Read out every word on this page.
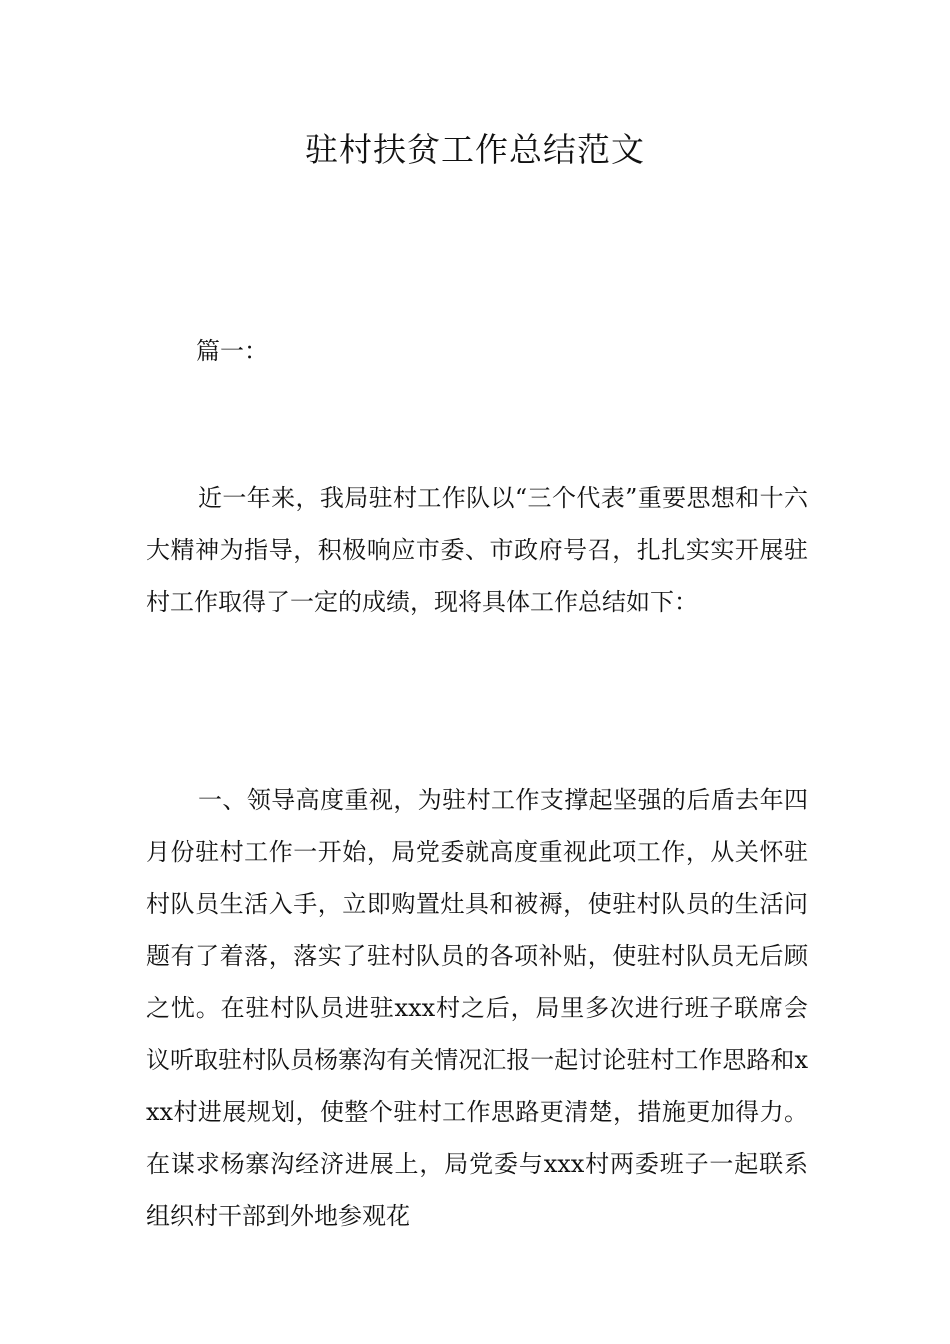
驻村扶贫工作总结范文

篇一：

近一年来，我局驻村工作队以“三个代表”重要思想和十六大精神为指导，积极响应市委、市政府号召，扎扎实实开展驻村工作取得了一定的成绩，现将具体工作总结如下：

一、领导高度重视，为驻村工作支撑起坚强的后盾去年四月份驻村工作一开始，局党委就高度重视此项工作，从关怀驻村队员生活入手，立即购置灶具和被褥，使驻村队员的生活问题有了着落，落实了驻村队员的各项补贴，使驻村队员无后顾之忧。在驻村队员进驻xxx村之后，局里多次进行班子联席会议听取驻村队员杨寨沟有关情况汇报一起讨论驻村工作思路和xxx村进展规划，使整个驻村工作思路更清楚，措施更加得力。在谋求杨寨沟经济进展上，局党委与xxx村两委班子一起联系组织村干部到外地参观花
